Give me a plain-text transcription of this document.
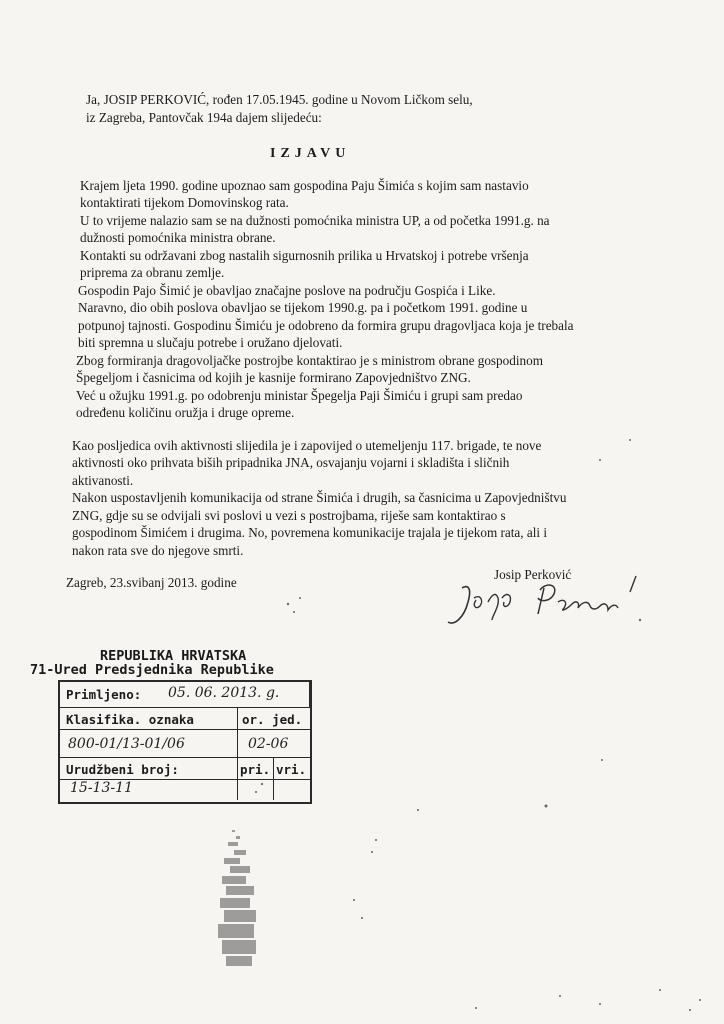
Ja, JOSIP PERKOVIĆ, rođen 17.05.1945. godine u Novom Ličkom selu,
iz Zagreba, Pantovčak 194a dajem slijedeću:
IZJAVU
Krajem ljeta 1990. godine upoznao sam gospodina Paju Šimića s kojim sam nastavio
kontaktirati tijekom Domovinskog rata.
U to vrijeme nalazio sam se na dužnosti pomoćnika ministra UP, a od početka 1991.g. na
dužnosti pomoćnika ministra obrane.
Kontakti su održavani zbog nastalih sigurnosnih prilika u Hrvatskoj i potrebe vršenja
priprema za obranu zemlje.
Gospodin Pajo Šimić je obavljao značajne poslove na području Gospića i Like.
Naravno, dio obih poslova obavljao se tijekom 1990.g. pa i početkom 1991. godine u
potpunoj tajnosti. Gospodinu Šimiću je odobreno da formira grupu dragovljaca koja je trebala
biti spremna u slučaju potrebe i oružano djelovati.
Zbog formiranja dragovoljačke postrojbe kontaktirao je s ministrom obrane gospodinom
Špegeljom i časnicima od kojih je kasnije formirano Zapovjedništvo ZNG.
Već u ožujku 1991.g. po odobrenju ministar Špegelja Paji Šimiću i grupi sam predao
određenu količinu oružja i druge opreme.
Kao posljedica ovih aktivnosti slijedila je i zapovijed o utemeljenju 117. brigade, te nove
aktivnosti oko prihvata biših pripadnika JNA, osvajanju vojarni i skladišta i sličnih
aktivanosti.
Nakon uspostavljenih komunikacija od strane Šimića i drugih, sa časnicima u Zapovjedništvu
ZNG, gdje su se odvijali svi poslovi u vezi s postrojbama, riješe sam kontaktirao s
gospodinom Šimićem i drugima. No, povremena komunikacije trajala je tijekom rata, ali i
nakon rata sve do njegove smrti.
Zagreb, 23.svibanj 2013. godine
Josip Perković
REPUBLIKA HRVATSKA
71-Ured Predsjednika Republike
Primljeno: 05. 06. 2013. g.
Klasifika. oznaka	or. jed.
800-01/13-01/06	02-06
Urudžbeni broj:	pri. vri.
15-13-11
